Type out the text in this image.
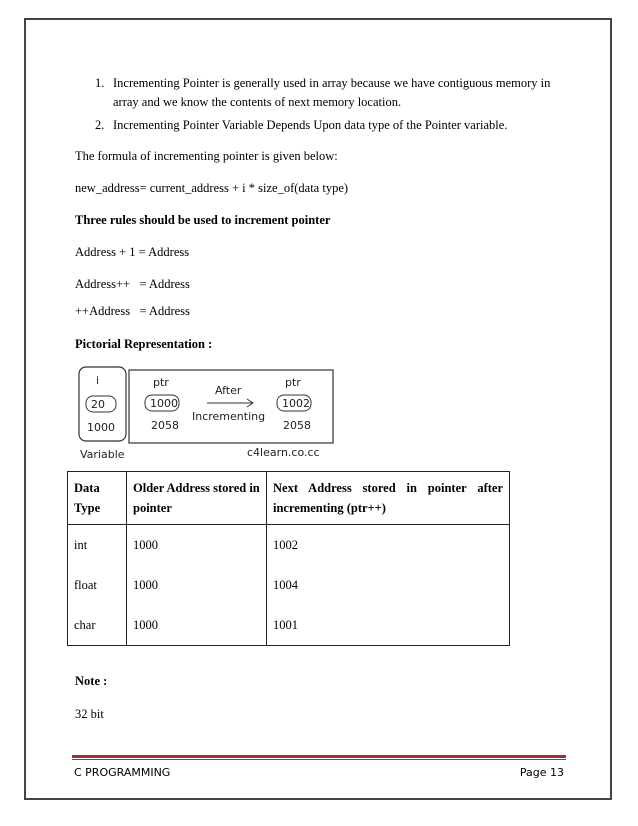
1. Incrementing Pointer is generally used in array because we have contiguous memory in array and we know the contents of next memory location.
2. Incrementing Pointer Variable Depends Upon data type of the Pointer variable.
The formula of incrementing pointer is given below:
new_address= current_address + i * size_of(data type)
Three rules should be used to increment pointer
Address + 1 = Address
Address++   = Address
++Address   = Address
Pictorial Representation :
i
20
1000
Variable
ptr
1000
2058
After
Incrementing
ptr
1002
2058
c4learn.co.cc
Data Type	Older Address stored in pointer	Next Address stored in pointer after incrementing (ptr++)
int	1000	1002
float	1000	1004
char	1000	1001
Note :
32 bit
C PROGRAMMING	Page 13
